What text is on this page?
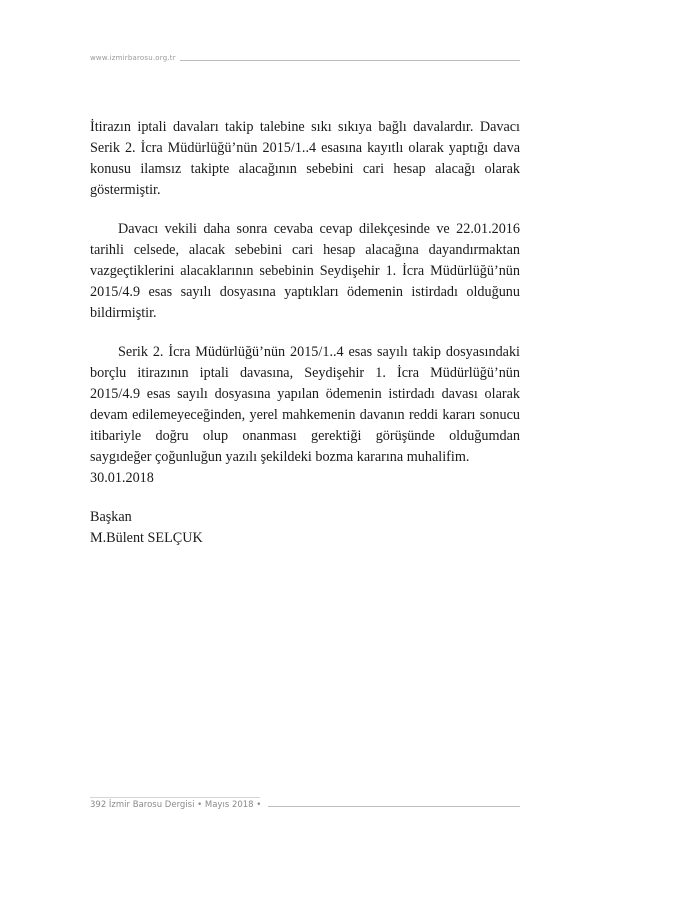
www.izmirbarosu.org.tr

İtirazın iptali davaları takip talebine sıkı sıkıya bağlı davalardır. Davacı Serik 2. İcra Müdürlüğü’nün 2015/1..4 esasına kayıtlı olarak yaptığı dava konusu ilamsız takipte alacağının sebebini cari hesap alacağı olarak göstermiştir.

Davacı vekili daha sonra cevaba cevap dilekçesinde ve 22.01.2016 tarihli celsede, alacak sebebini cari hesap alacağına dayandırmaktan vazgeçtiklerini alacaklarının sebebinin Seydişehir 1. İcra Müdürlüğü’nün 2015/4.9 esas sayılı dosyasına yaptıkları ödemenin istirdadı olduğunu bildirmiştir.

Serik 2. İcra Müdürlüğü’nün 2015/1..4 esas sayılı takip dosyasındaki borçlu itirazının iptali davasına, Seydişehir 1. İcra Müdürlüğü’nün 2015/4.9 esas sayılı dosyasına yapılan ödemenin istirdadı davası olarak devam edilemeyeceğinden, yerel mahkemenin davanın reddi kararı sonucu itibariyle doğru olup onanması gerektiği görüşünde olduğumdan saygıdeğer çoğunluğun yazılı şekildeki bozma kararına muhalifim.
30.01.2018

Başkan
M.Bülent SELÇUK
392 İzmir Barosu Dergisi • Mayıs 2018 •
